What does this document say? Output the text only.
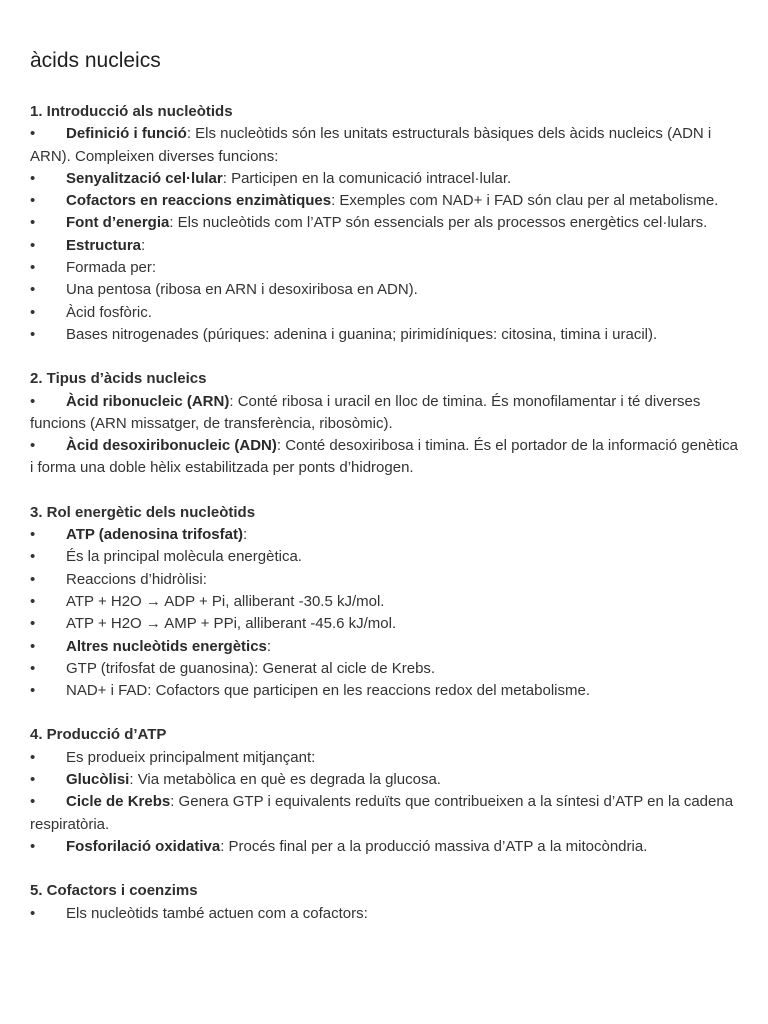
àcids nucleics
1. Introducció als nucleòtids
• Definició i funció: Els nucleòtids són les unitats estructurals bàsiques dels àcids nucleics (ADN i ARN). Compleixen diverses funcions:
• Senyalització cel·lular: Participen en la comunicació intracel·lular.
• Cofactors en reaccions enzimàtiques: Exemples com NAD+ i FAD són clau per al metabolisme.
• Font d’energia: Els nucleòtids com l’ATP són essencials per als processos energètics cel·lulars.
• Estructura:
• Formada per:
• Una pentosa (ribosa en ARN i desoxiribosa en ADN).
• Àcid fosfòric.
• Bases nitrogenades (púriques: adenina i guanina; pirimidíniques: citosina, timina i uracil).
2. Tipus d’àcids nucleics
• Àcid ribonucleic (ARN): Conté ribosa i uracil en lloc de timina. És monofilamentar i té diverses funcions (ARN missatger, de transferència, ribosòmic).
• Àcid desoxiribonucleic (ADN): Conté desoxiribosa i timina. És el portador de la informació genètica i forma una doble hèlix estabilitzada per ponts d’hidrogen.
3. Rol energètic dels nucleòtids
• ATP (adenosina trifosfat):
• És la principal molècula energètica.
• Reaccions d’hidròlisi:
• ATP + H2O → ADP + Pi, alliberant -30.5 kJ/mol.
• ATP + H2O → AMP + PPi, alliberant -45.6 kJ/mol.
• Altres nucleòtids energètics:
• GTP (trifosfat de guanosina): Generat al cicle de Krebs.
• NAD+ i FAD: Cofactors que participen en les reaccions redox del metabolisme.
4. Producció d’ATP
• Es produeix principalment mitjançant:
• Glucòlisi: Via metabòlica en què es degrada la glucosa.
• Cicle de Krebs: Genera GTP i equivalents reduïts que contribueixen a la síntesi d’ATP en la cadena respiratòria.
• Fosforilació oxidativa: Procés final per a la producció massiva d’ATP a la mitocòndria.
5. Cofactors i coenzims
• Els nucleòtids també actuen com a cofactors:
